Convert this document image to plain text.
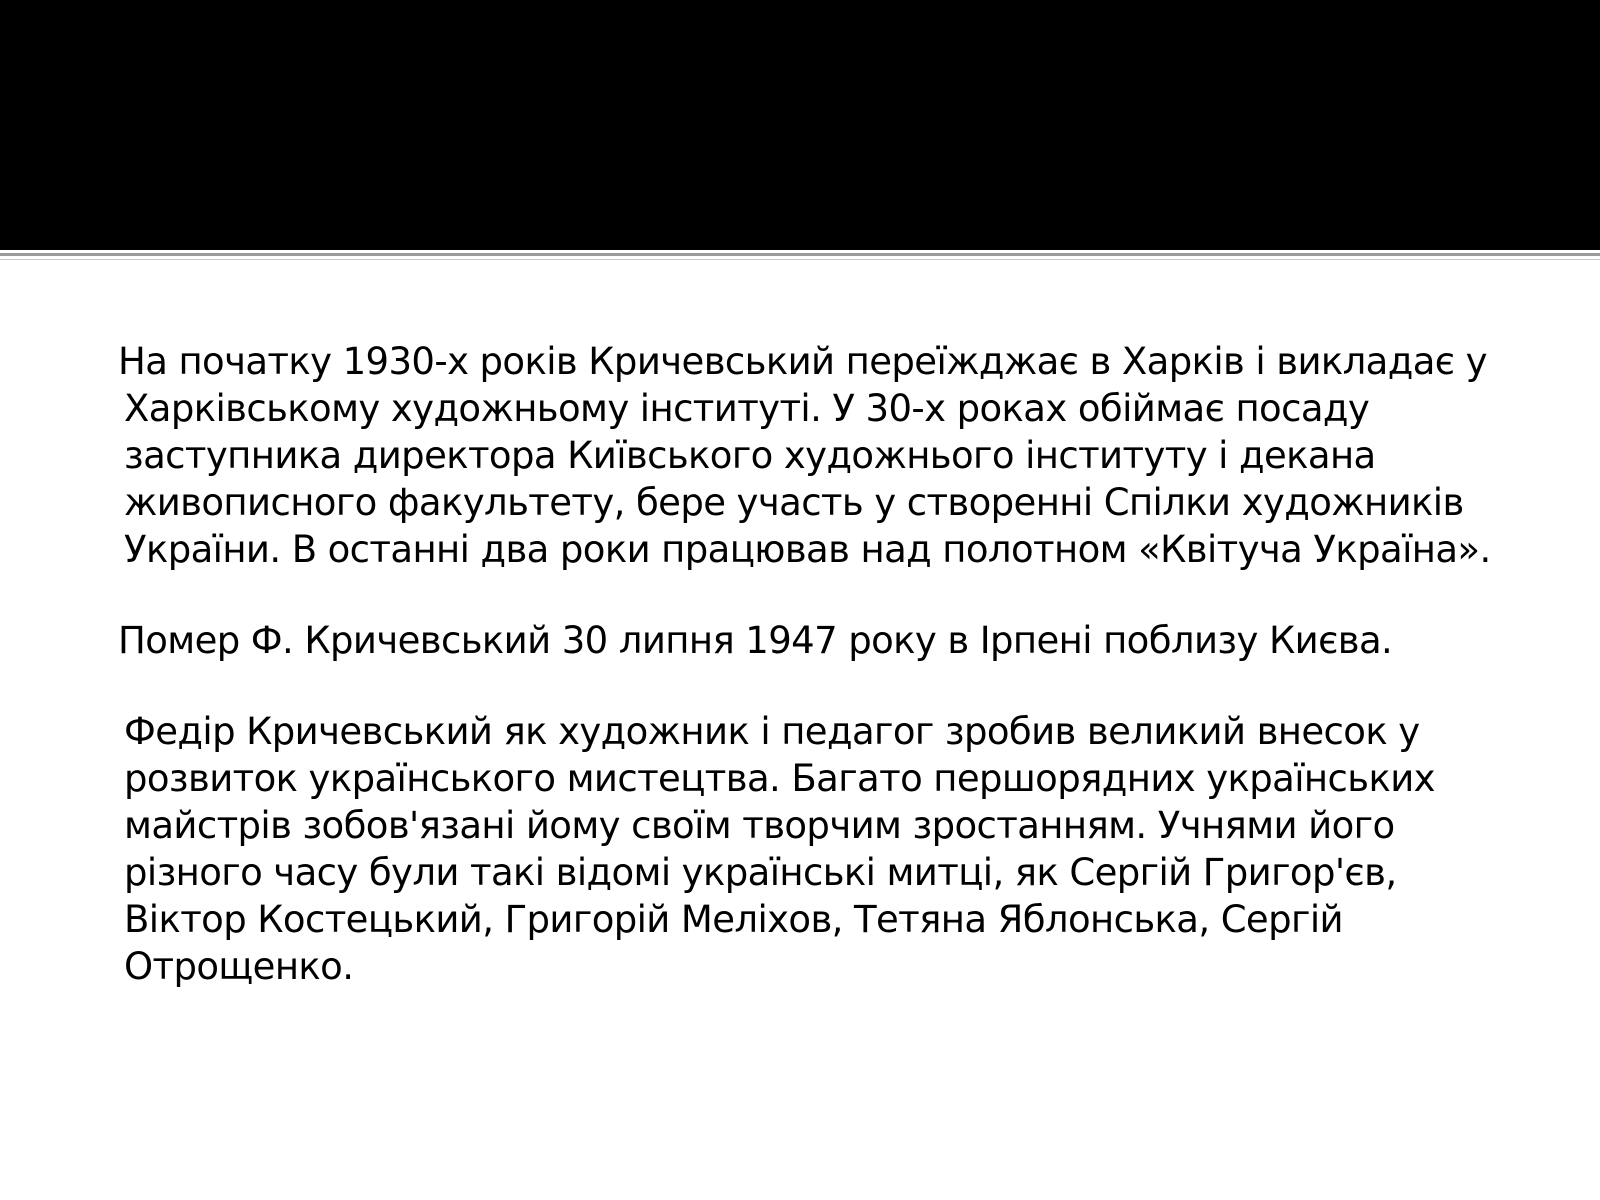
На початку 1930-х років Кричевський переїжджає в Харків і викладає у Харківському художньому інституті. У 30-х роках обіймає посаду заступника директора Київського художнього інституту і декана живописного факультету, бере участь у створенні Спілки художників України. В останні два роки працював над полотном «Квітуча Україна».

Помер Ф. Кричевський 30 липня 1947 року в Ірпені поблизу Києва.

Федір Кричевський як художник і педагог зробив великий внесок у розвиток українського мистецтва. Багато першорядних українських майстрів зобов'язані йому своїм творчим зростанням. Учнями його різного часу були такі відомі українські митці, як Сергій Григор'єв, Віктор Костецький, Григорій Меліхов, Тетяна Яблонська, Сергій Отрощенко.
